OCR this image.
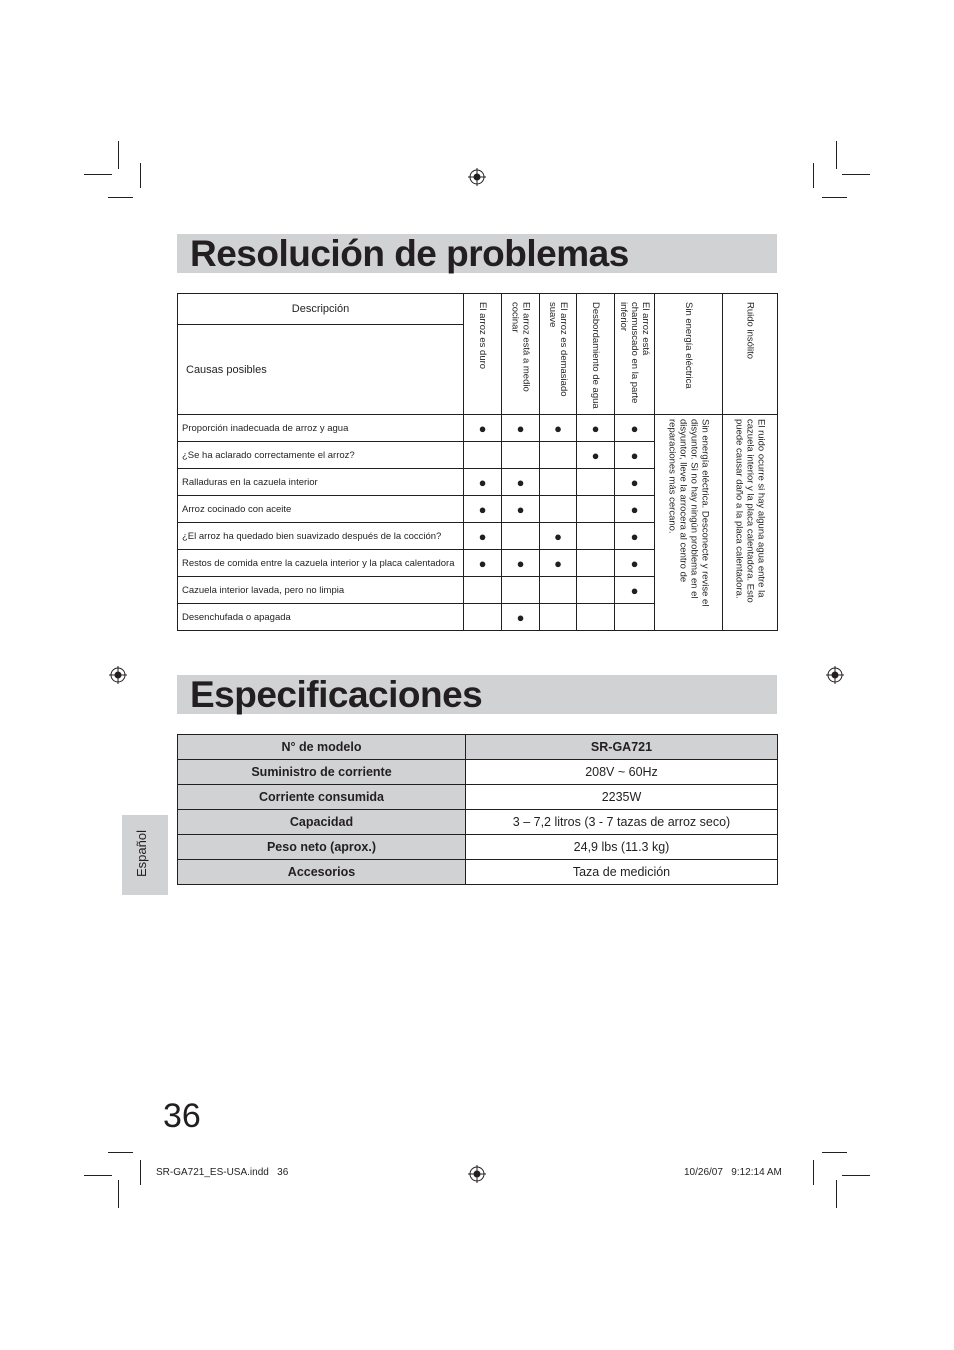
Resolución de problemas
Descripción	El arroz es duro	El arroz está a medio cocinar	El arroz es demasiado suave	Desbordamiento de agua	El arroz está chamuscado en la parte inferior	Sin energía eléctrica	Ruido insólito

Causas posibles							
Proporción inadecuada de arroz y agua	●	●	●	●	●	Sin energía eléctrica. Desconecte y revise el disyuntor. Si no hay ningún problema en el disyuntor, lleve la arrocera al centro de reparaciones más cercano.	El ruido ocurre si hay alguna agua entre la cazuela interior y la placa calentadora. Esto puede causar daño a la placa calentadora.

¿Se ha aclarado correctamente el arroz?				●	●		
Ralladuras en la cazuela interior	●	●			●		
Arroz cocinado con aceite	●	●			●		
¿El arroz ha quedado bien suavizado después de la cocción?	●		●		●		
Restos de comida entre la cazuela interior y la placa calentadora	●	●	●		●		
Cazuela interior lavada, pero no limpia					●		
Desenchufada o apagada		●					
Especificaciones
N° de modelo	SR-GA721
Suministro de corriente	208V ~ 60Hz
Corriente consumida	2235W
Capacidad	3 – 7,2 litros (3 - 7 tazas de arroz seco)
Peso neto (aprox.)	24,9 lbs (11.3 kg)
Accesorios	Taza de medición
Español
36
SR-GA721_ES-USA.indd   36	10/26/07   9:12:14 AM
